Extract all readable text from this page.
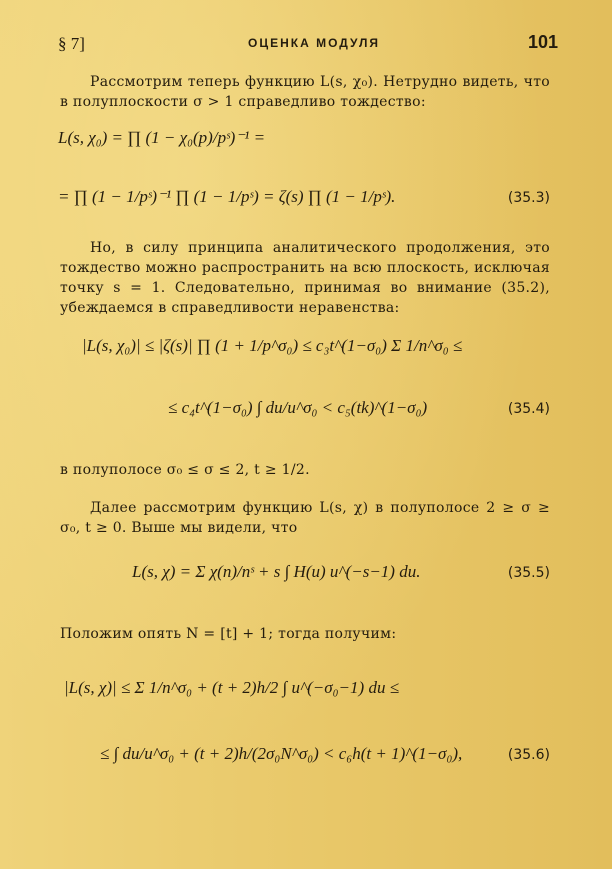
§ 7]	ОЦЕНКА МОДУЛЯ	101
Рассмотрим теперь функцию L(s, χ₀). Нетрудно видеть, что в полуплоскости σ > 1 справедливо тождество:
L(s, χ₀) = ∏ (1 − χ₀(p)/pˢ)⁻¹ =
= ∏ (1 − 1/pˢ)⁻¹ ∏ (1 − 1/pˢ) = ζ(s) ∏ (1 − 1/pˢ).	(35.3)
Но, в силу принципа аналитического продолжения, это тождество можно распространить на всю плоскость, исключая точку s = 1. Следовательно, принимая во внимание (35.2), убеждаемся в справедливости неравенства:
|L(s, χ₀)| ≤ |ζ(s)| ∏ (1 + 1/p^σ₀) ≤ c₃t^(1−σ₀) Σ 1/n^σ₀ ≤
≤ c₄t^(1−σ₀) ∫ du/u^σ₀ < c₅(tk)^(1−σ₀)	(35.4)
в полуполосе σ₀ ≤ σ ≤ 2, t ≥ 1/2.
Далее рассмотрим функцию L(s, χ) в полуполосе 2 ≥ σ ≥ σ₀, t ≥ 0. Выше мы видели, что
L(s, χ) = Σ χ(n)/nˢ + s ∫ H(u) u^(−s−1) du.	(35.5)
Положим опять N = [t] + 1; тогда получим:
|L(s, χ)| ≤ Σ 1/n^σ₀ + (t + 2)h/2 ∫ u^(−σ₀−1) du ≤
≤ ∫ du/u^σ₀ + (t + 2)h/(2σ₀N^σ₀) < c₆h(t + 1)^(1−σ₀),	(35.6)
